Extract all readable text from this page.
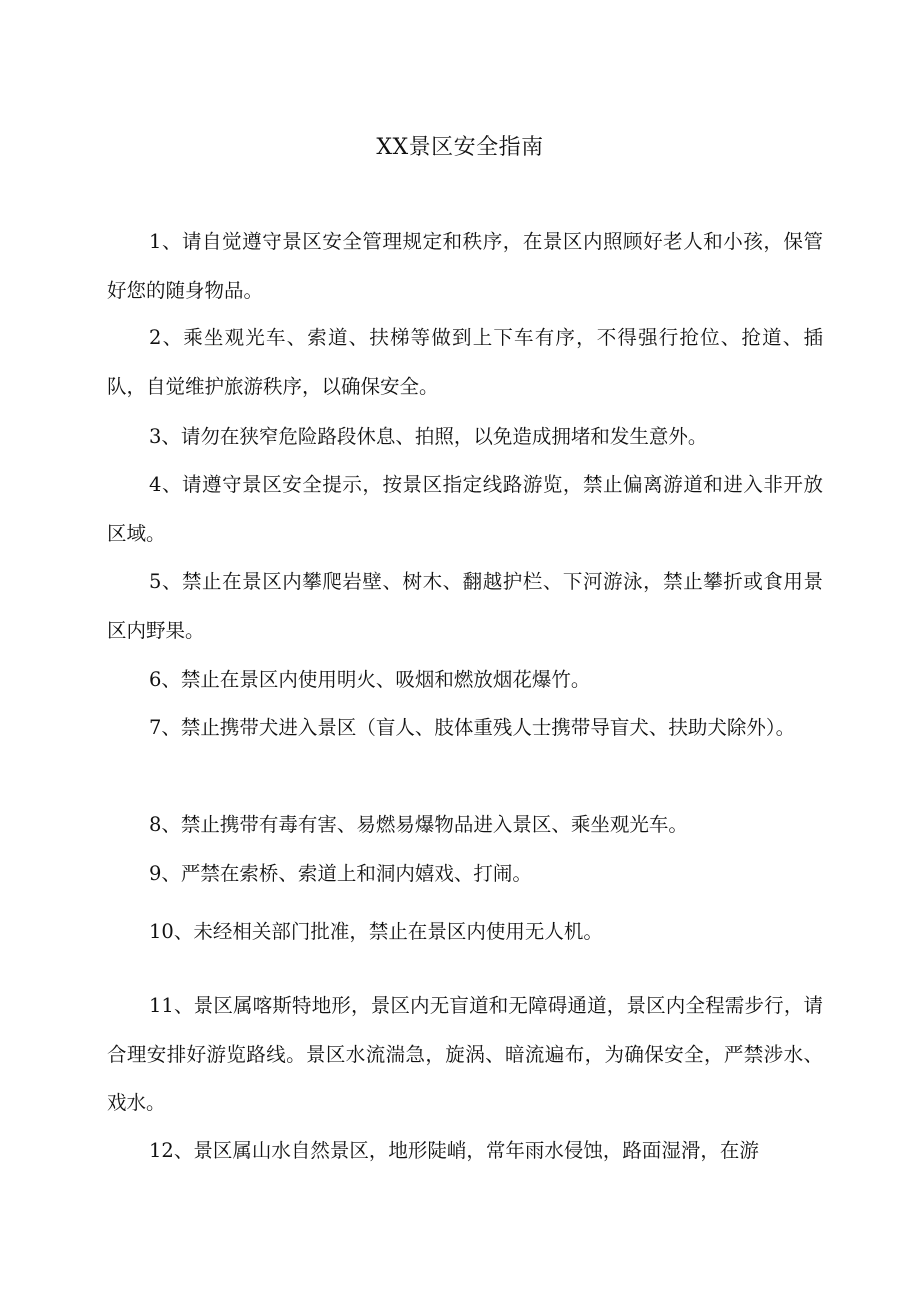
XX景区安全指南

1、请自觉遵守景区安全管理规定和秩序，在景区内照顾好老人和小孩，保管好您的随身物品。

2、乘坐观光车、索道、扶梯等做到上下车有序，不得强行抢位、抢道、插队，自觉维护旅游秩序，以确保安全。

3、请勿在狭窄危险路段休息、拍照，以免造成拥堵和发生意外。

4、请遵守景区安全提示，按景区指定线路游览，禁止偏离游道和进入非开放区域。

5、禁止在景区内攀爬岩壁、树木、翻越护栏、下河游泳，禁止攀折或食用景区内野果。

6、禁止在景区内使用明火、吸烟和燃放烟花爆竹。

7、禁止携带犬进入景区（盲人、肢体重残人士携带导盲犬、扶助犬除外）。

8、禁止携带有毒有害、易燃易爆物品进入景区、乘坐观光车。

9、严禁在索桥、索道上和洞内嬉戏、打闹。

10、未经相关部门批准，禁止在景区内使用无人机。

11、景区属喀斯特地形，景区内无盲道和无障碍通道，景区内全程需步行，请合理安排好游览路线。景区水流湍急，旋涡、暗流遍布，为确保安全，严禁涉水、戏水。

12、景区属山水自然景区，地形陡峭，常年雨水侵蚀，路面湿滑，在游
